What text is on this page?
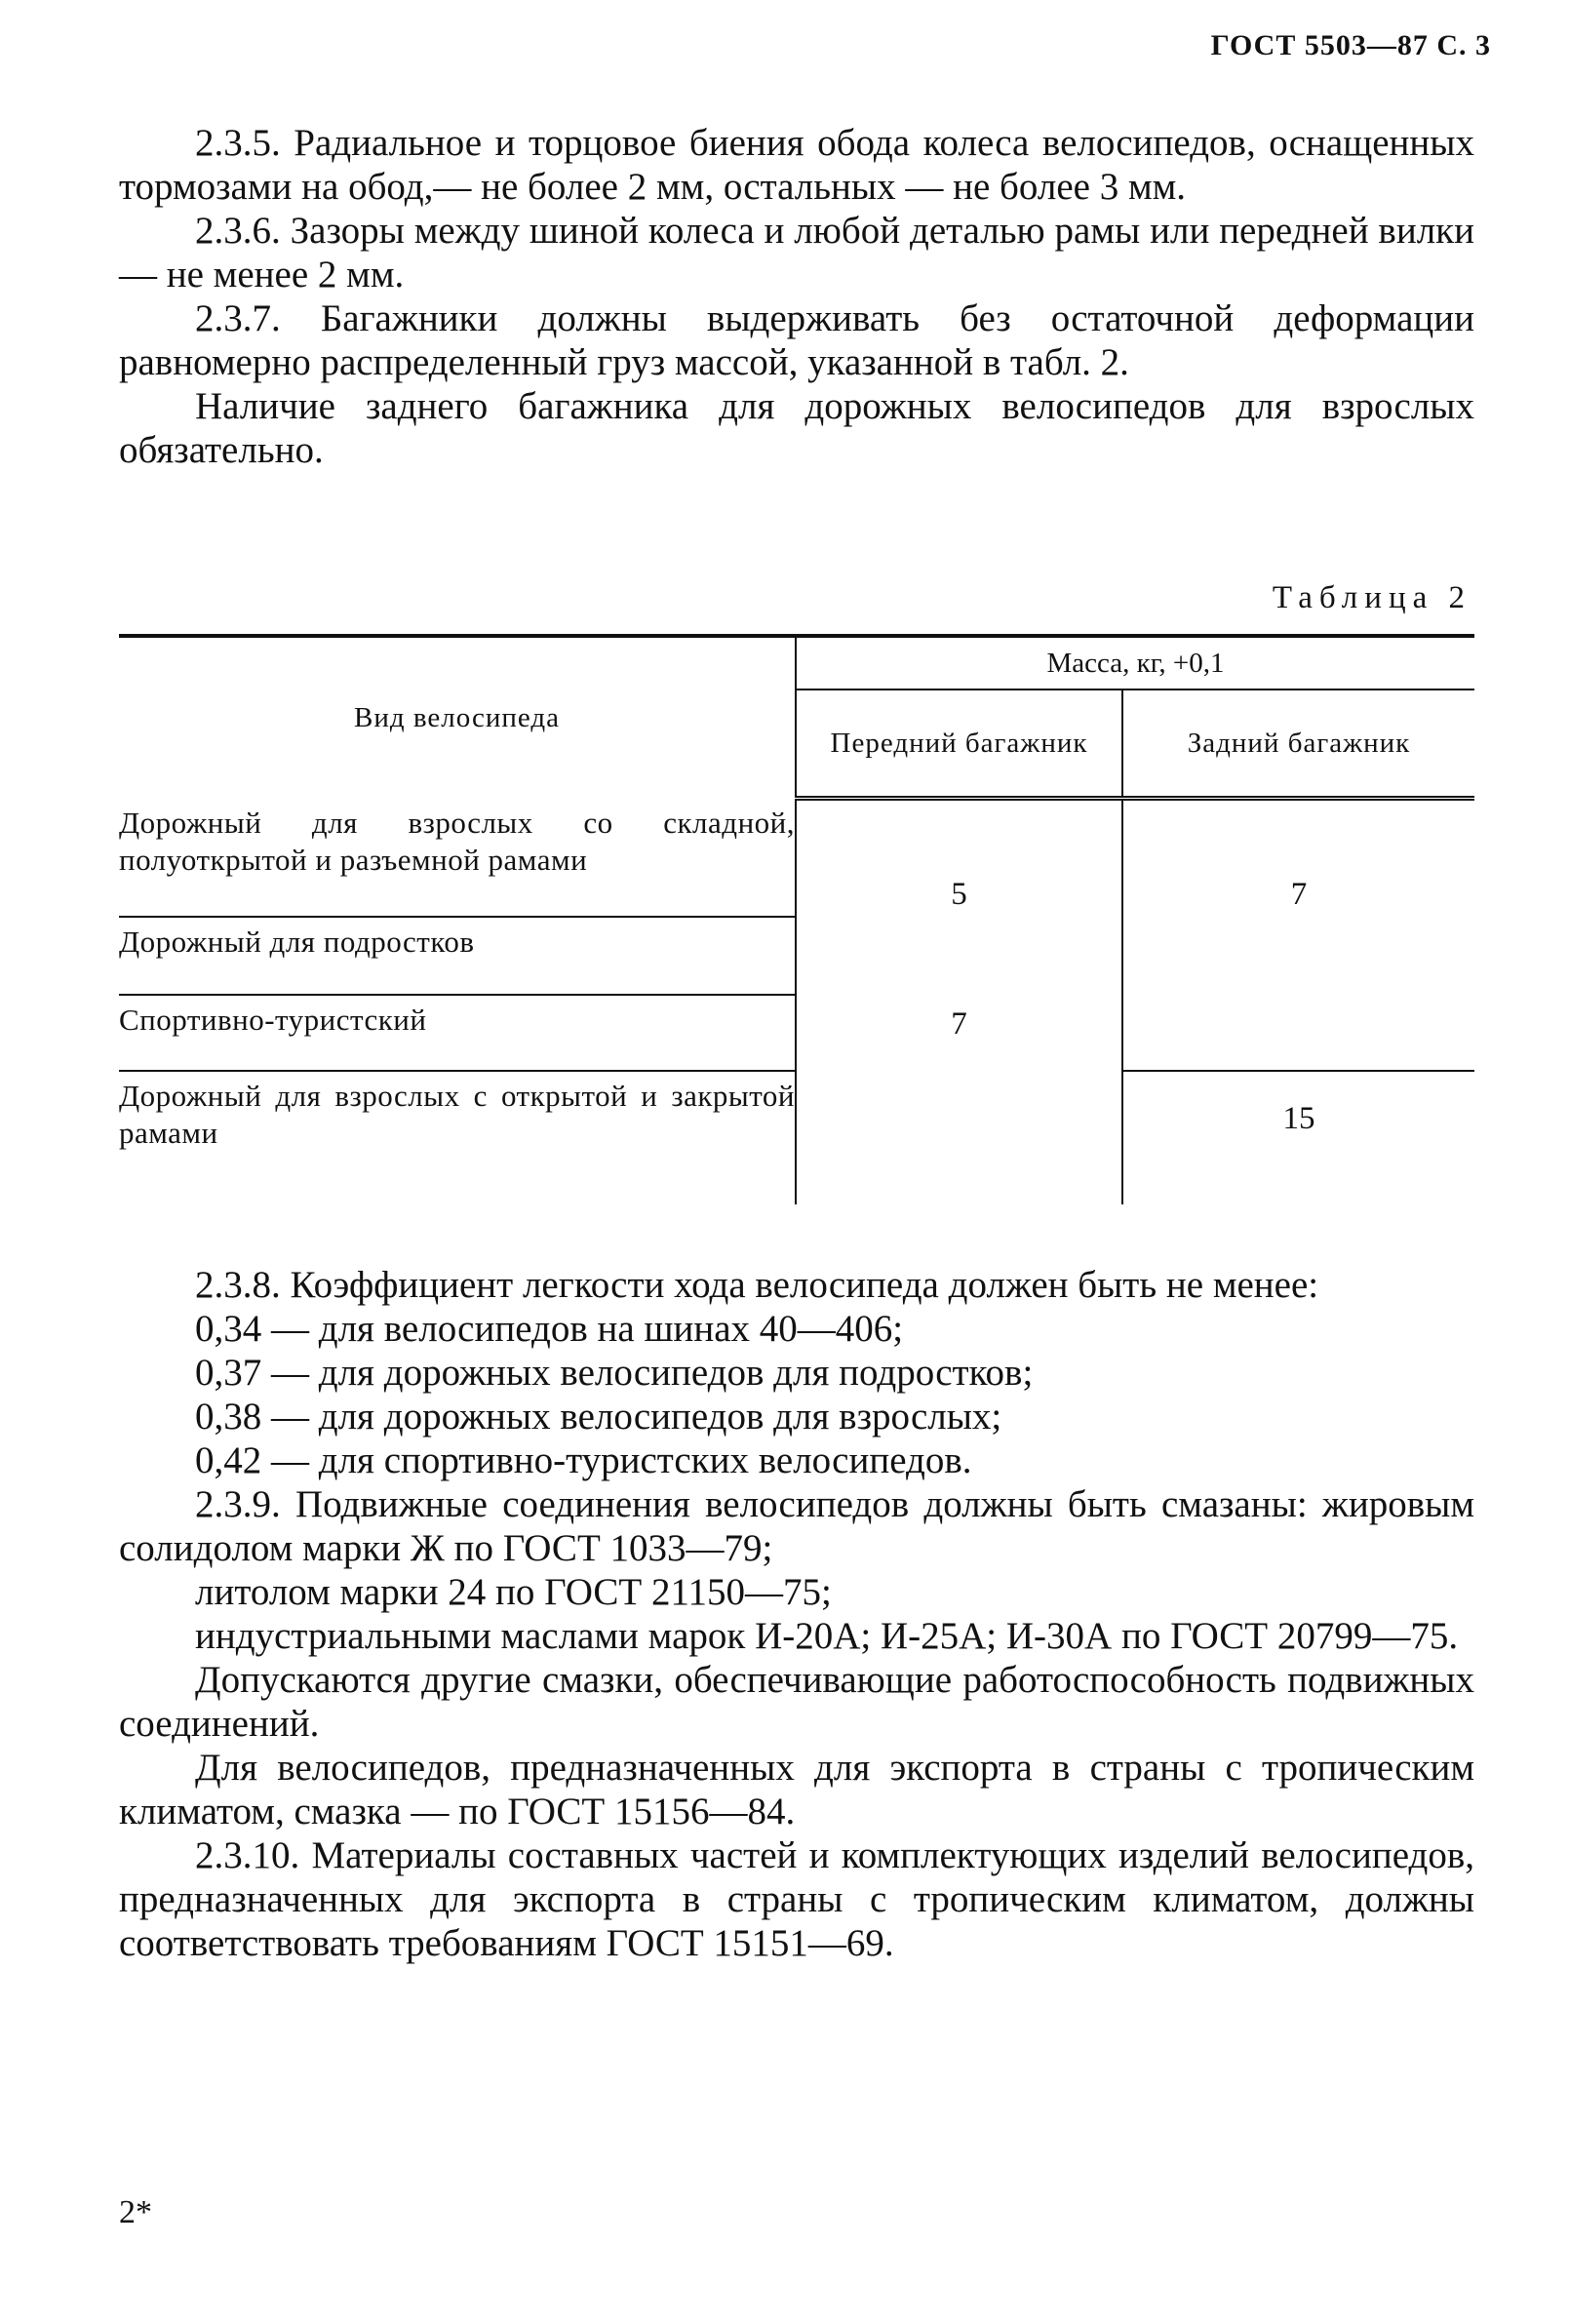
ГОСТ 5503—87 С. 3

2.3.5. Радиальное и торцовое биения обода колеса велосипедов, оснащенных тормозами на обод,— не более 2 мм, остальных — не более 3 мм.

2.3.6. Зазоры между шиной колеса и любой деталью рамы или передней вилки — не менее 2 мм.

2.3.7. Багажники должны выдерживать без остаточной деформации равномерно распределенный груз массой, указанной в табл. 2.

Наличие заднего багажника для дорожных велосипедов для взрослых обязательно.

Таблица 2
Вид велосипеда	Масса, кг, +0,1	
	Передний багажник	Задний багажник

Дорожный для взрослых со складной, полуоткрытой и разъемной рамами	5	7

Дорожный для подростков		

Спортивно-туристский	7	

Дорожный для взрослых с открытой и закрытой рамами		15

2.3.8. Коэффициент легкости хода велосипеда должен быть не менее:

0,34 — для велосипедов на шинах 40—406;

0,37 — для дорожных велосипедов для подростков;

0,38 — для дорожных велосипедов для взрослых;

0,42 — для спортивно-туристских велосипедов.

2.3.9. Подвижные соединения велосипедов должны быть смазаны: жировым солидолом марки Ж по ГОСТ 1033—79;

литолом марки 24 по ГОСТ 21150—75;

индустриальными маслами марок И-20А; И-25А; И-30А по ГОСТ 20799—75.

Допускаются другие смазки, обеспечивающие работоспособность подвижных соединений.

Для велосипедов, предназначенных для экспорта в страны с тропическим климатом, смазка — по ГОСТ 15156—84.

2.3.10. Материалы составных частей и комплектующих изделий велосипедов, предназначенных для экспорта в страны с тропическим климатом, должны соответствовать требованиям ГОСТ 15151—69.

2*
